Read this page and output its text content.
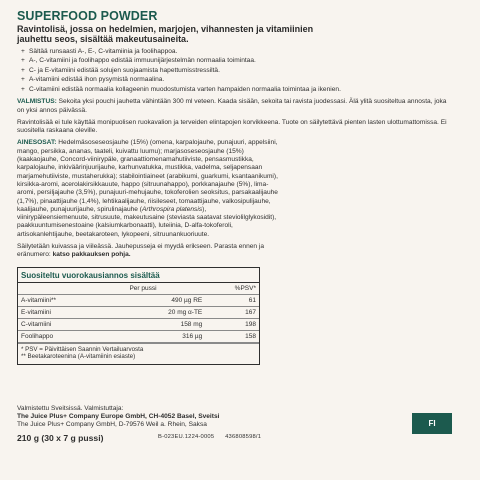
SUPERFOOD POWDER
Ravintolisä, jossa on hedelmien, marjojen, vihannesten ja vitamiinien jauhettu seos, sisältää makeutusaineita.
+ Sältää runsaasti A-, E-, C-vitamiinia ja foolihappoa.
+ A-, C-vitamiini ja foolihappo edistää immuunijärjestelmän normaalia toimintaa.
+ C- ja E-vitamiini edistää solujen suojaamista hapettumisstressiltä.
+ A-vitamiini edistää ihon pysymistä normaalina.
+ C-vitamiini edistää normaalia kollageenin muodostumista varten hampaiden normaalia toimintaa ja ikenien.

VALMISTUS: Sekoita yksi pouchi jauhetta vähintään 300 ml veteen. Kaada sisään, sekoita tai ravista juodessasi. Älä ylitä suositeltua annosta, joka on yksi annos päivässä.

Ravintolisää ei tule käyttää monipuolisen ruokavalion ja terveiden elintapojen korvikkeena. Tuote on säilytettävä pienten lasten ulottumattomissa. Ei suositella raskaana oleville.

AINESOSAT: Hedelmäsoseseosjauhe (15%) (omena, karpalojauhe, punajuuri, appelsiini, mango, persikka, ananas, taateli, kuivattu luumu); marjasoseseosjauhe (15%) (kaakaojauhe, Concord-viinirypäle, granaattiomenamahutiiviste, pensasmustikka, karpalojauhe, inkiväärinjuurijauhe, karhunvatukka, mustikka, vadelma, seljapensaan marjamehutiiviste, mustaherukka); stabilointiaineet (arabikumi, guarkumi, ksantaanikumi), kirsikka-aromi, acerolakirsikkauute, happo (sitruunahappo), porkkanajauhe (5%), lima-aromi, persiljajauhe (3,5%), punajuuri-mehujauhe, tokoferolien seoksitus, parsakaalijauhe (1,7%), pinaattijauhe (1,4%), lehtikaalijauhe, riisileseet, tomaattijauhe, valkosipulijauhe, kaalijauhe, punajuurijauhe, spirulinajauhe (Arthrospira platensis), viinirypäleensiemenuute, sitrusuute, makeutusaine (steviasta saatavat steviolilglykosidit), paakkuuntumisenestoaine (kalsiumkarbonaatti), luteiinia, D-alfa-tokoferoli, artisokanlehtijauhe, beetakaroteen, lykopeeni, sitruunankuoriuute.

Säilytetään kuivassa ja viileässä. Jauhepusseja ei myydä erikseen. Parasta ennen ja eränumero: katso pakkauksen pohja.

Suositeltu vuorokausiannos sisältää
	Per pussi	%PSV*
A-vitamiini**	490 µg RE	61
E-vitamiini	20 mg α-TE	167
C-vitamiini	158 mg	198
Foolihappo	316 µg	158
* PSV = Päivittäisen Saannin Vertailuarvosta
** Beetakaroteenina (A-vitamiinin esiaste)
Valmistettu Sveitsissä. Valmistuttaja:
The Juice Plus+ Company Europe GmbH, CH-4052 Basel, Sveitsi
The Juice Plus+ Company GmbH, D-79576 Weil a. Rhein, Saksa
210 g (30 x 7 g pussi)	B-023EU.1224-0005      436808598/1
FI
